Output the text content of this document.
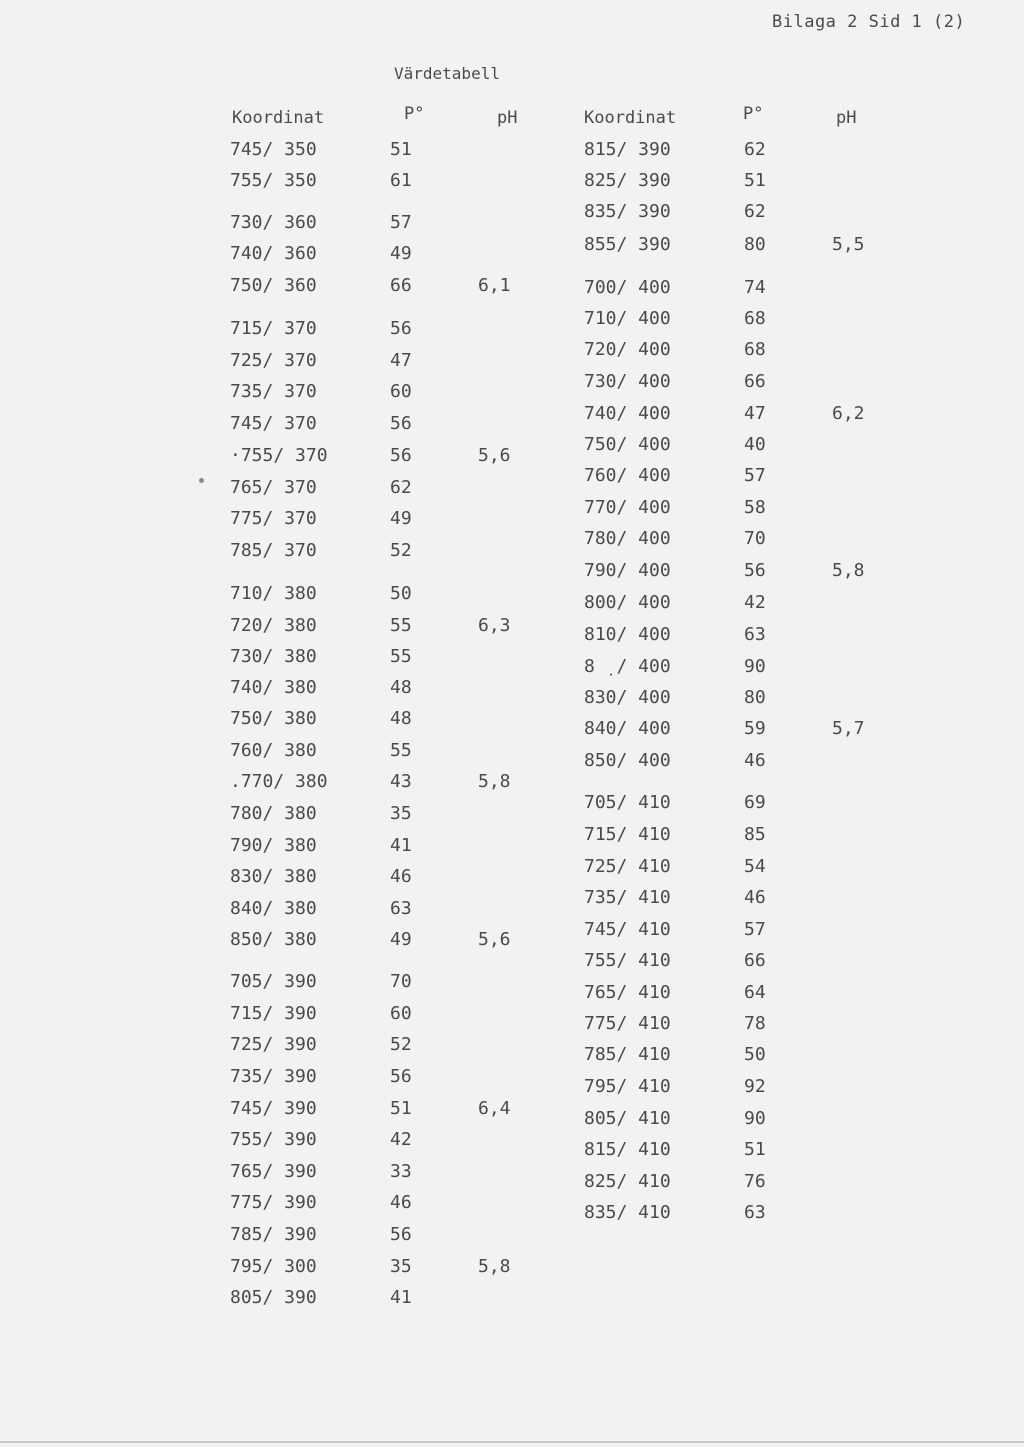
Bilaga 2 Sid 1 (2)
Värdetabell
Koordinat	P°	pH	Koordinat	P°	pH
745/ 350	51
755/ 350	61
730/ 360	57
740/ 360	49
750/ 360	66	6,1
715/ 370	56
725/ 370	47
735/ 370	60
745/ 370	56
·755/ 370	56	5,6
765/ 370	62
775/ 370	49
785/ 370	52
710/ 380	50
720/ 380	55	6,3
730/ 380	55
740/ 380	48
750/ 380	48
760/ 380	55
.770/ 380	43	5,8
780/ 380	35
790/ 380	41
830/ 380	46
840/ 380	63
850/ 380	49	5,6
705/ 390	70
715/ 390	60
725/ 390	52
735/ 390	56
745/ 390	51	6,4
755/ 390	42
765/ 390	33
775/ 390	46
785/ 390	56
795/ 300	35	5,8
805/ 390	41
815/ 390	62
825/ 390	51
835/ 390	62
855/ 390	80	5,5
700/ 400	74
710/ 400	68
720/ 400	68
730/ 400	66
740/ 400	47	6,2
750/ 400	40
760/ 400	57
770/ 400	58
780/ 400	70
790/ 400	56	5,8
800/ 400	42
810/ 400	63
8 ̣ / 400	90
830/ 400	80
840/ 400	59	5,7
850/ 400	46
705/ 410	69
715/ 410	85
725/ 410	54
735/ 410	46
745/ 410	57
755/ 410	66
765/ 410	64
775/ 410	78
785/ 410	50
795/ 410	92
805/ 410	90
815/ 410	51
825/ 410	76
835/ 410	63
